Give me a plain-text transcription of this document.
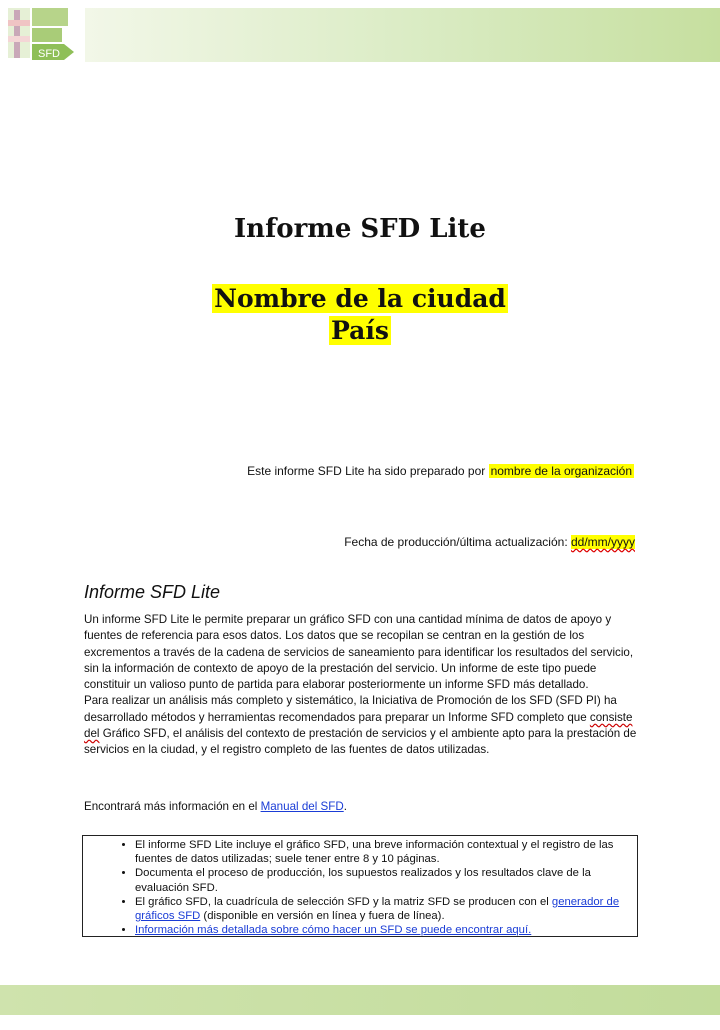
SFD
Informe SFD Lite
Nombre de la ciudad
País
Este informe SFD Lite ha sido preparado por nombre de la organización
Fecha de producción/última actualización: dd/mm/yyyy
Informe SFD Lite

Un informe SFD Lite le permite preparar un gráfico SFD con una cantidad mínima de datos de apoyo y fuentes de referencia para esos datos. Los datos que se recopilan se centran en la gestión de los excrementos a través de la cadena de servicios de saneamiento para identificar los resultados del servicio, sin la información de contexto de apoyo de la prestación del servicio. Un informe de este tipo puede constituir un valioso punto de partida para elaborar posteriormente un informe SFD más detallado.

Para realizar un análisis más completo y sistemático, la Iniciativa de Promoción de los SFD (SFD PI) ha desarrollado métodos y herramientas recomendados para preparar un Informe SFD completo que consiste del Gráfico SFD, el análisis del contexto de prestación de servicios y el ambiente apto para la prestación de servicios en la ciudad, y el registro completo de las fuentes de datos utilizadas.

Encontrará más información en el Manual del SFD.
• El informe SFD Lite incluye el gráfico SFD, una breve información contextual y el registro de las fuentes de datos utilizadas; suele tener entre 8 y 10 páginas.
• Documenta el proceso de producción, los supuestos realizados y los resultados clave de la evaluación SFD.
• El gráfico SFD, la cuadrícula de selección SFD y la matriz SFD se producen con el generador de gráficos SFD (disponible en versión en línea y fuera de línea).
• Información más detallada sobre cómo hacer un SFD se puede encontrar aquí.
